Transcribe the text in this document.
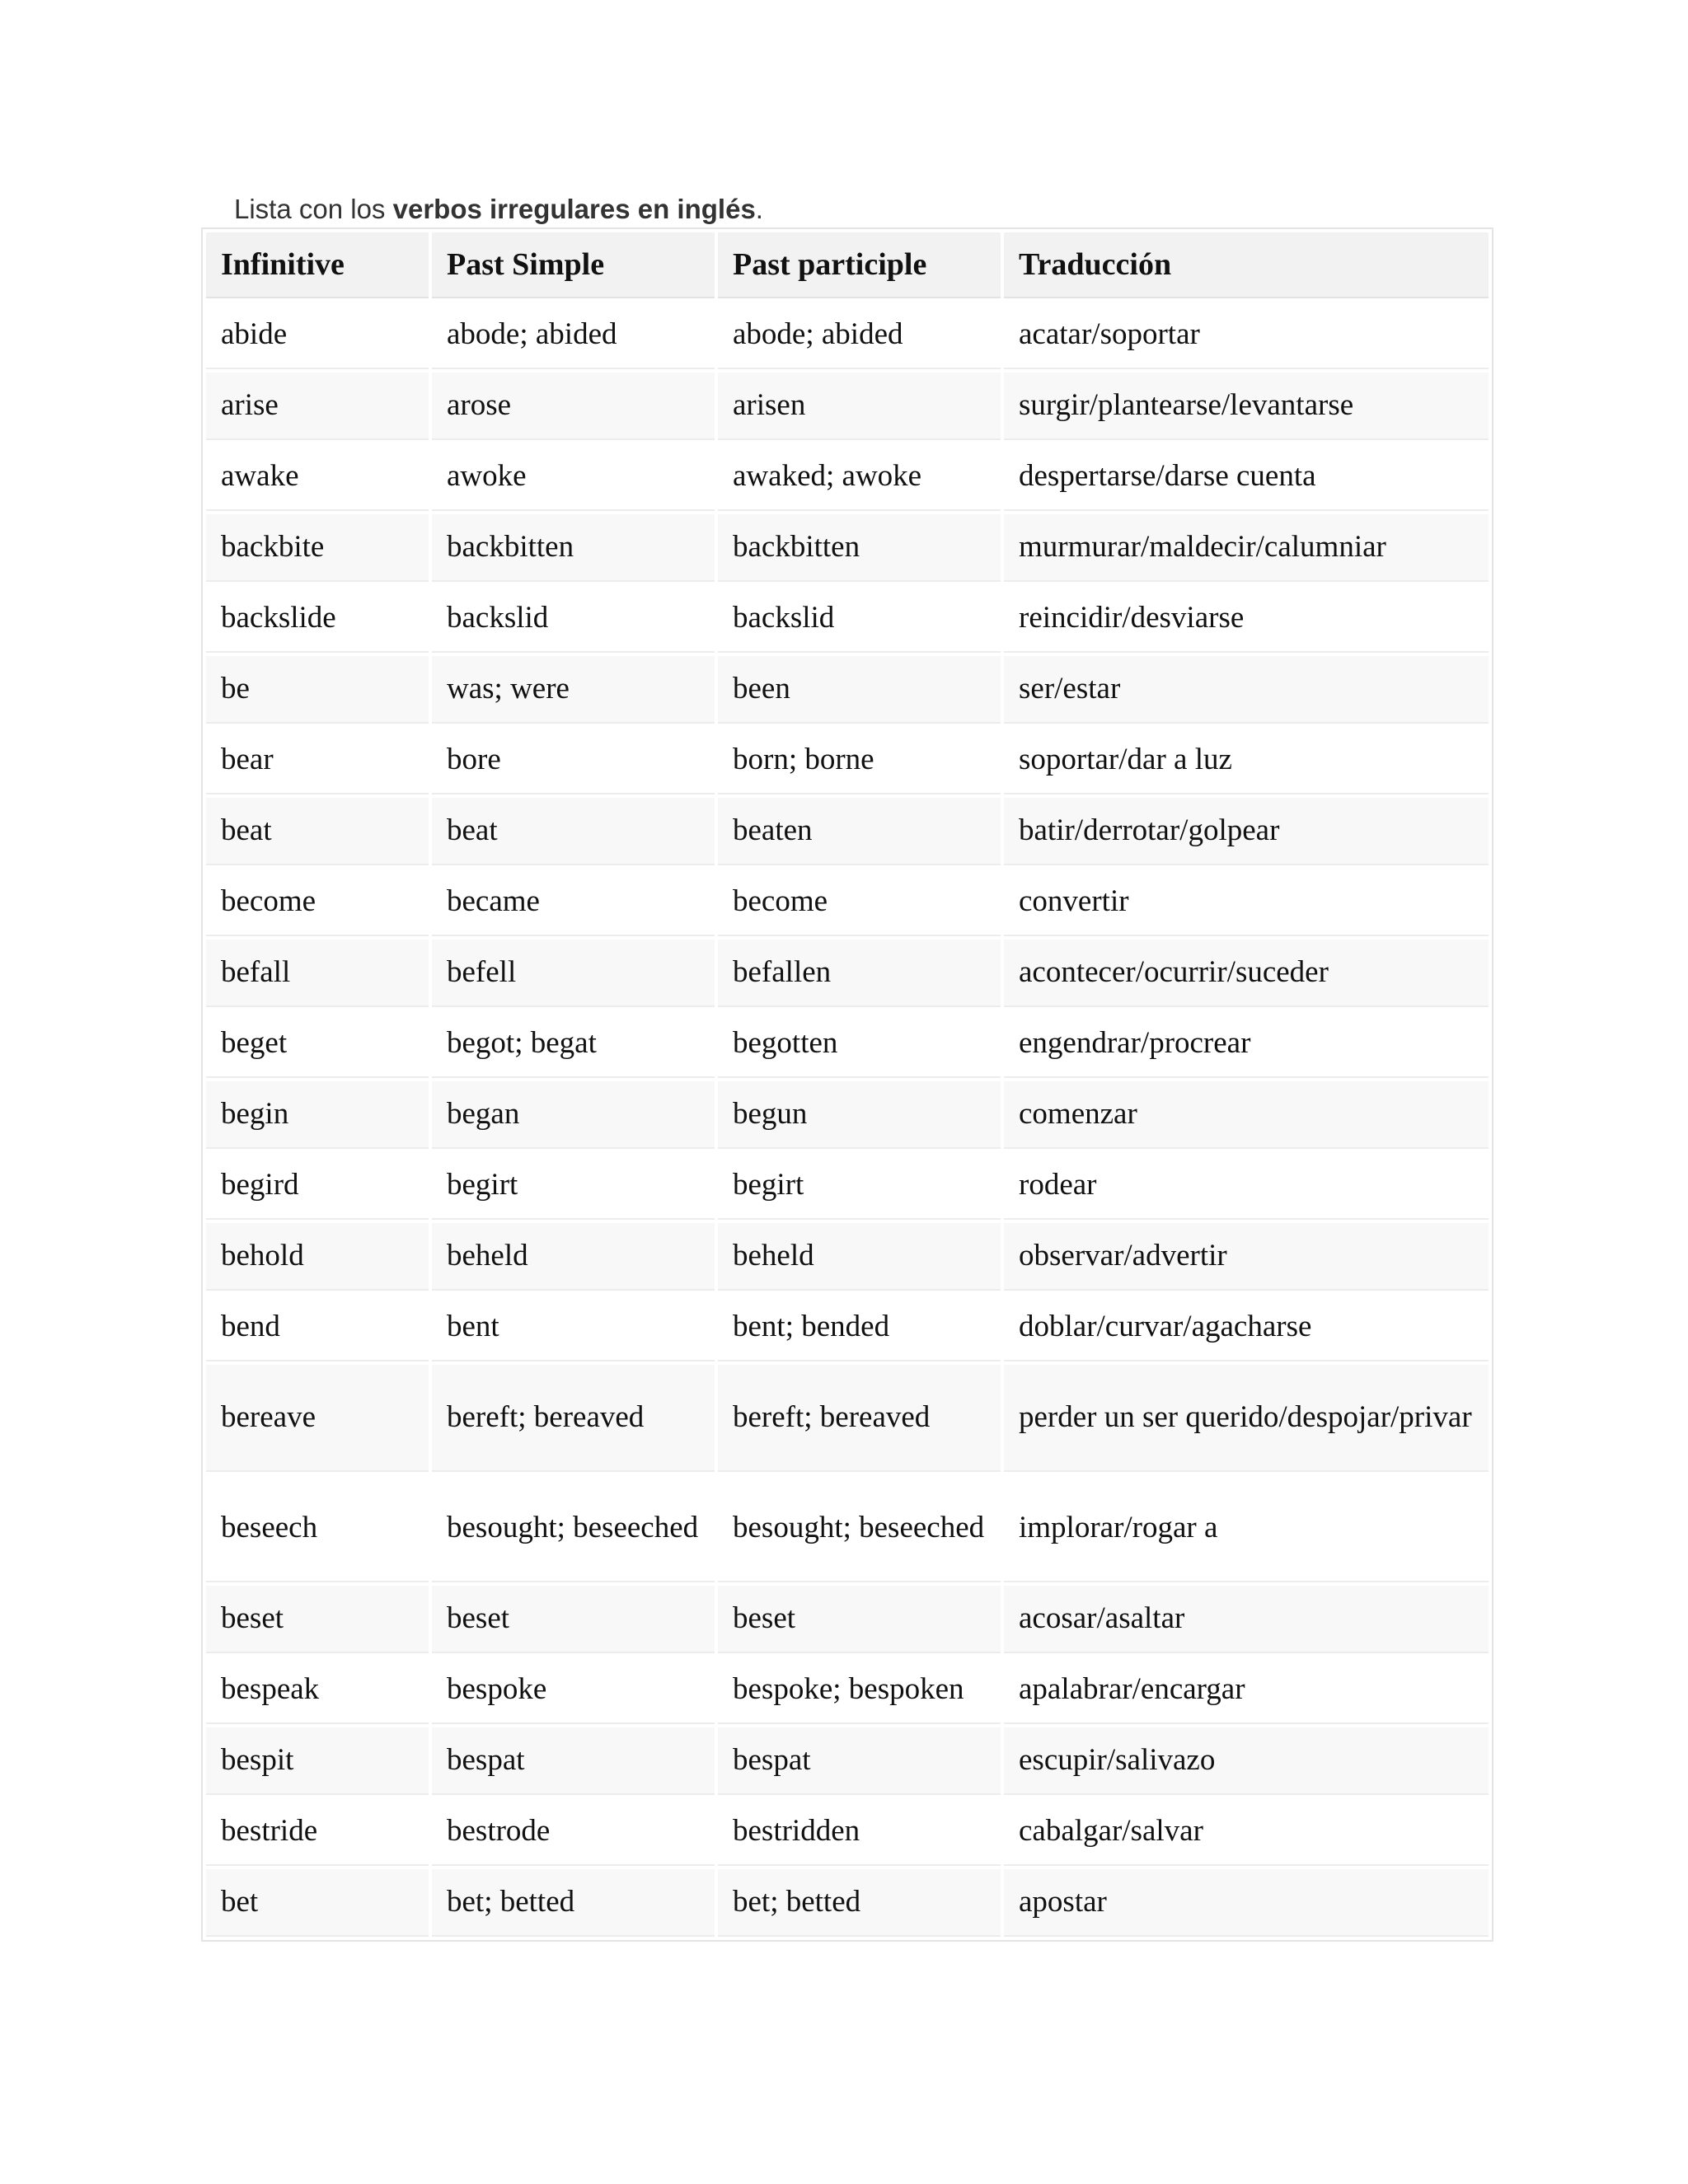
Lista con los verbos irregulares en inglés.
Infinitive	Past Simple	Past participle	Traducción
abide	abode; abided	abode; abided	acatar/soportar
arise	arose	arisen	surgir/plantearse/levantarse
awake	awoke	awaked; awoke	despertarse/darse cuenta
backbite	backbitten	backbitten	murmurar/maldecir/calumniar
backslide	backslid	backslid	reincidir/desviarse
be	was; were	been	ser/estar
bear	bore	born; borne	soportar/dar a luz
beat	beat	beaten	batir/derrotar/golpear
become	became	become	convertir
befall	befell	befallen	acontecer/ocurrir/suceder
beget	begot; begat	begotten	engendrar/procrear
begin	began	begun	comenzar
begird	begirt	begirt	rodear
behold	beheld	beheld	observar/advertir
bend	bent	bent; bended	doblar/curvar/agacharse
bereave	bereft; bereaved	bereft; bereaved	perder un ser querido/despojar/privar
beseech	besought; beseeched	besought; beseeched	implorar/rogar a
beset	beset	beset	acosar/asaltar
bespeak	bespoke	bespoke; bespoken	apalabrar/encargar
bespit	bespat	bespat	escupir/salivazo
bestride	bestrode	bestridden	cabalgar/salvar
bet	bet; betted	bet; betted	apostar
